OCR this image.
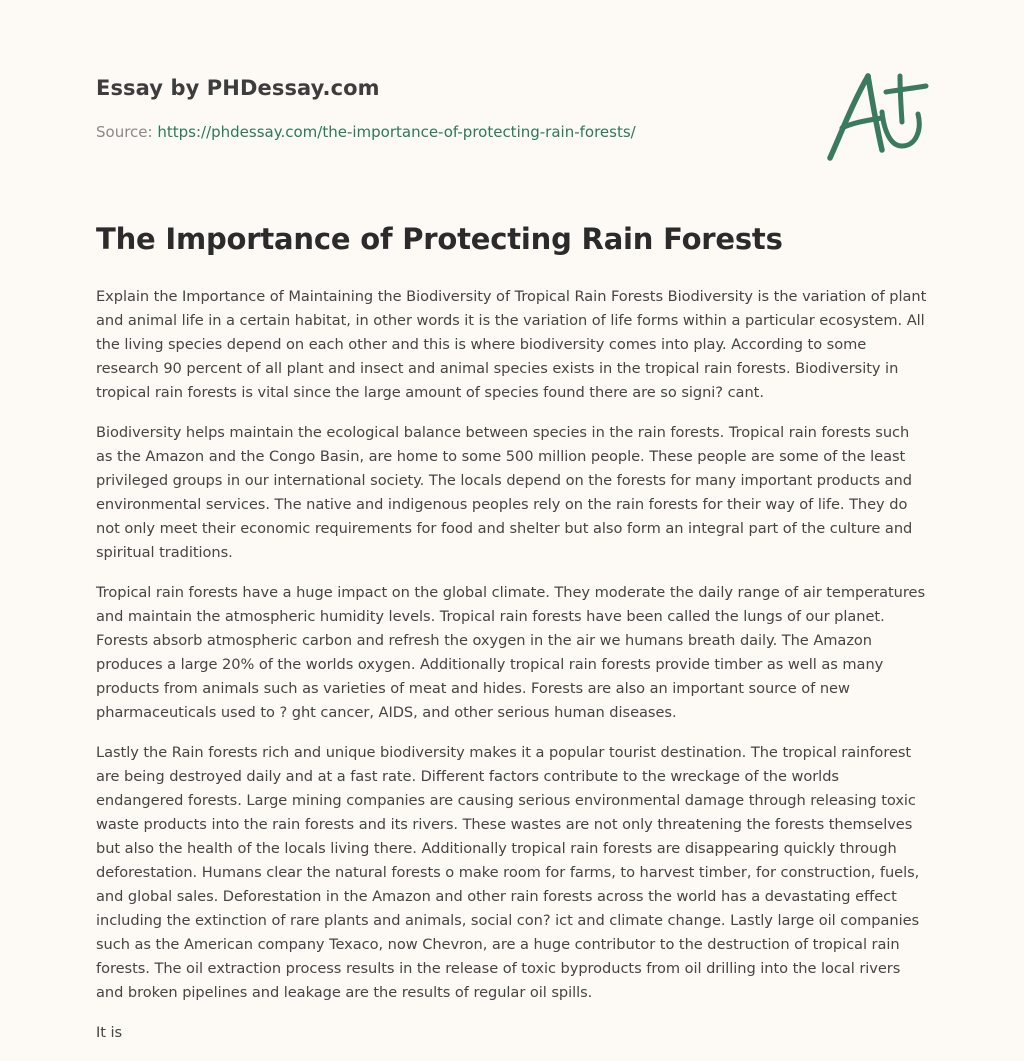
Essay by PHDessay.com
Source: https://phdessay.com/the-importance-of-protecting-rain-forests/
The Importance of Protecting Rain Forests

Explain the Importance of Maintaining the Biodiversity of Tropical Rain Forests Biodiversity is the variation of plant and animal life in a certain habitat, in other words it is the variation of life forms within a particular ecosystem. All the living species depend on each other and this is where biodiversity comes into play. According to some research 90 percent of all plant and insect and animal species exists in the tropical rain forests. Biodiversity in tropical rain forests is vital since the large amount of species found there are so signi? cant.

Biodiversity helps maintain the ecological balance between species in the rain forests. Tropical rain forests such as the Amazon and the Congo Basin, are home to some 500 million people. These people are some of the least privileged groups in our international society. The locals depend on the forests for many important products and environmental services. The native and indigenous peoples rely on the rain forests for their way of life. They do not only meet their economic requirements for food and shelter but also form an integral part of the culture and spiritual traditions.

Tropical rain forests have a huge impact on the global climate. They moderate the daily range of air temperatures and maintain the atmospheric humidity levels. Tropical rain forests have been called the lungs of our planet. Forests absorb atmospheric carbon and refresh the oxygen in the air we humans breath daily. The Amazon produces a large 20% of the worlds oxygen. Additionally tropical rain forests provide timber as well as many products from animals such as varieties of meat and hides. Forests are also an important source of new pharmaceuticals used to ? ght cancer, AIDS, and other serious human diseases.

Lastly the Rain forests rich and unique biodiversity makes it a popular tourist destination. The tropical rainforest are being destroyed daily and at a fast rate. Different factors contribute to the wreckage of the worlds endangered forests. Large mining companies are causing serious environmental damage through releasing toxic waste products into the rain forests and its rivers. These wastes are not only threatening the forests themselves but also the health of the locals living there. Additionally tropical rain forests are disappearing quickly through deforestation. Humans clear the natural forests o make room for farms, to harvest timber, for construction, fuels, and global sales. Deforestation in the Amazon and other rain forests across the world has a devastating effect including the extinction of rare plants and animals, social con? ict and climate change. Lastly large oil companies such as the American company Texaco, now Chevron, are a huge contributor to the destruction of tropical rain forests. The oil extraction process results in the release of toxic byproducts from oil drilling into the local rivers and broken pipelines and leakage are the results of regular oil spills.

It is
